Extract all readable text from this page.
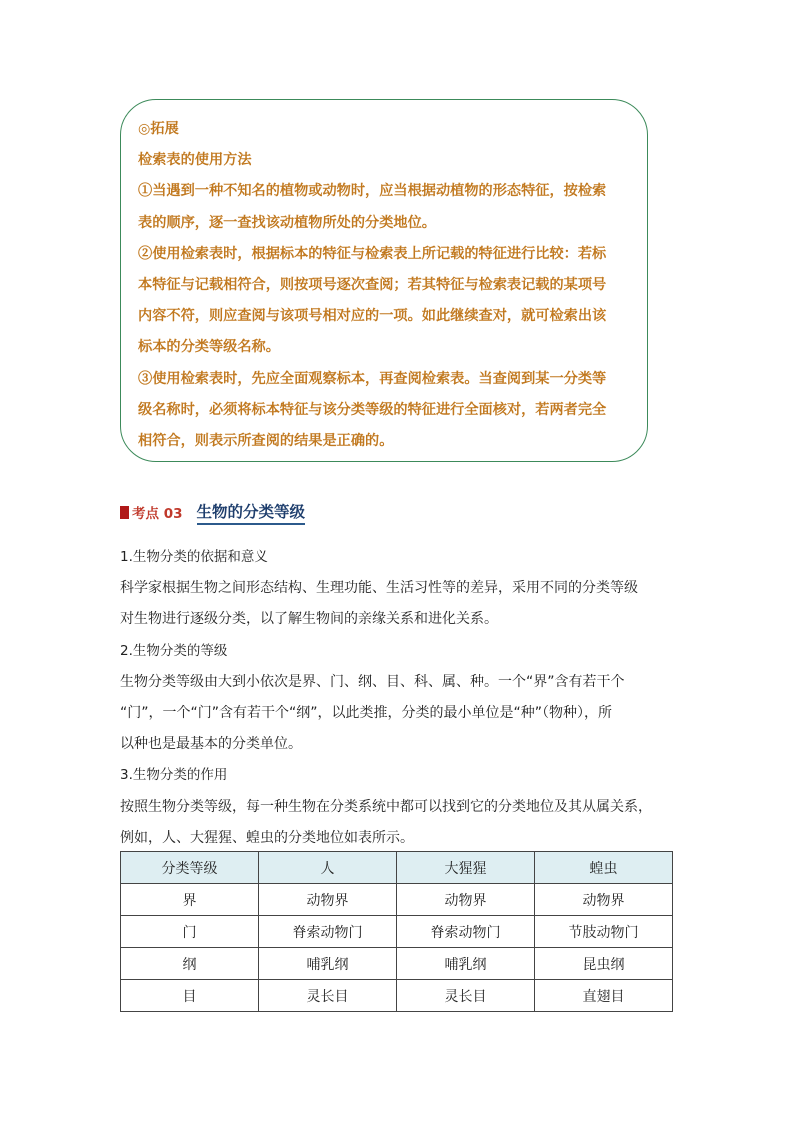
◎拓展
检索表的使用方法
①当遇到一种不知名的植物或动物时，应当根据动植物的形态特征，按检索
表的顺序，逐一查找该动植物所处的分类地位。
②使用检索表时，根据标本的特征与检索表上所记载的特征进行比较：若标
本特征与记载相符合，则按项号逐次查阅；若其特征与检索表记载的某项号
内容不符，则应查阅与该项号相对应的一项。如此继续查对，就可检索出该
标本的分类等级名称。
③使用检索表时，先应全面观察标本，再查阅检索表。当查阅到某一分类等
级名称时，必须将标本特征与该分类等级的特征进行全面核对，若两者完全
相符合，则表示所查阅的结果是正确的。
考点 03 生物的分类等级
1.生物分类的依据和意义
科学家根据生物之间形态结构、生理功能、生活习性等的差异，采用不同的分类等级
对生物进行逐级分类，以了解生物间的亲缘关系和进化关系。
2.生物分类的等级
生物分类等级由大到小依次是界、门、纲、目、科、属、种。一个“界”含有若干个
“门”，一个“门”含有若干个“纲”，以此类推，分类的最小单位是“种”（物种），所
以种也是最基本的分类单位。
3.生物分类的作用
按照生物分类等级，每一种生物在分类系统中都可以找到它的分类地位及其从属关系，
例如，人、大猩猩、蝗虫的分类地位如表所示。
分类等级	人	大猩猩	蝗虫
界	动物界	动物界	动物界
门	脊索动物门	脊索动物门	节肢动物门
纲	哺乳纲	哺乳纲	昆虫纲
目	灵长目	灵长目	直翅目
